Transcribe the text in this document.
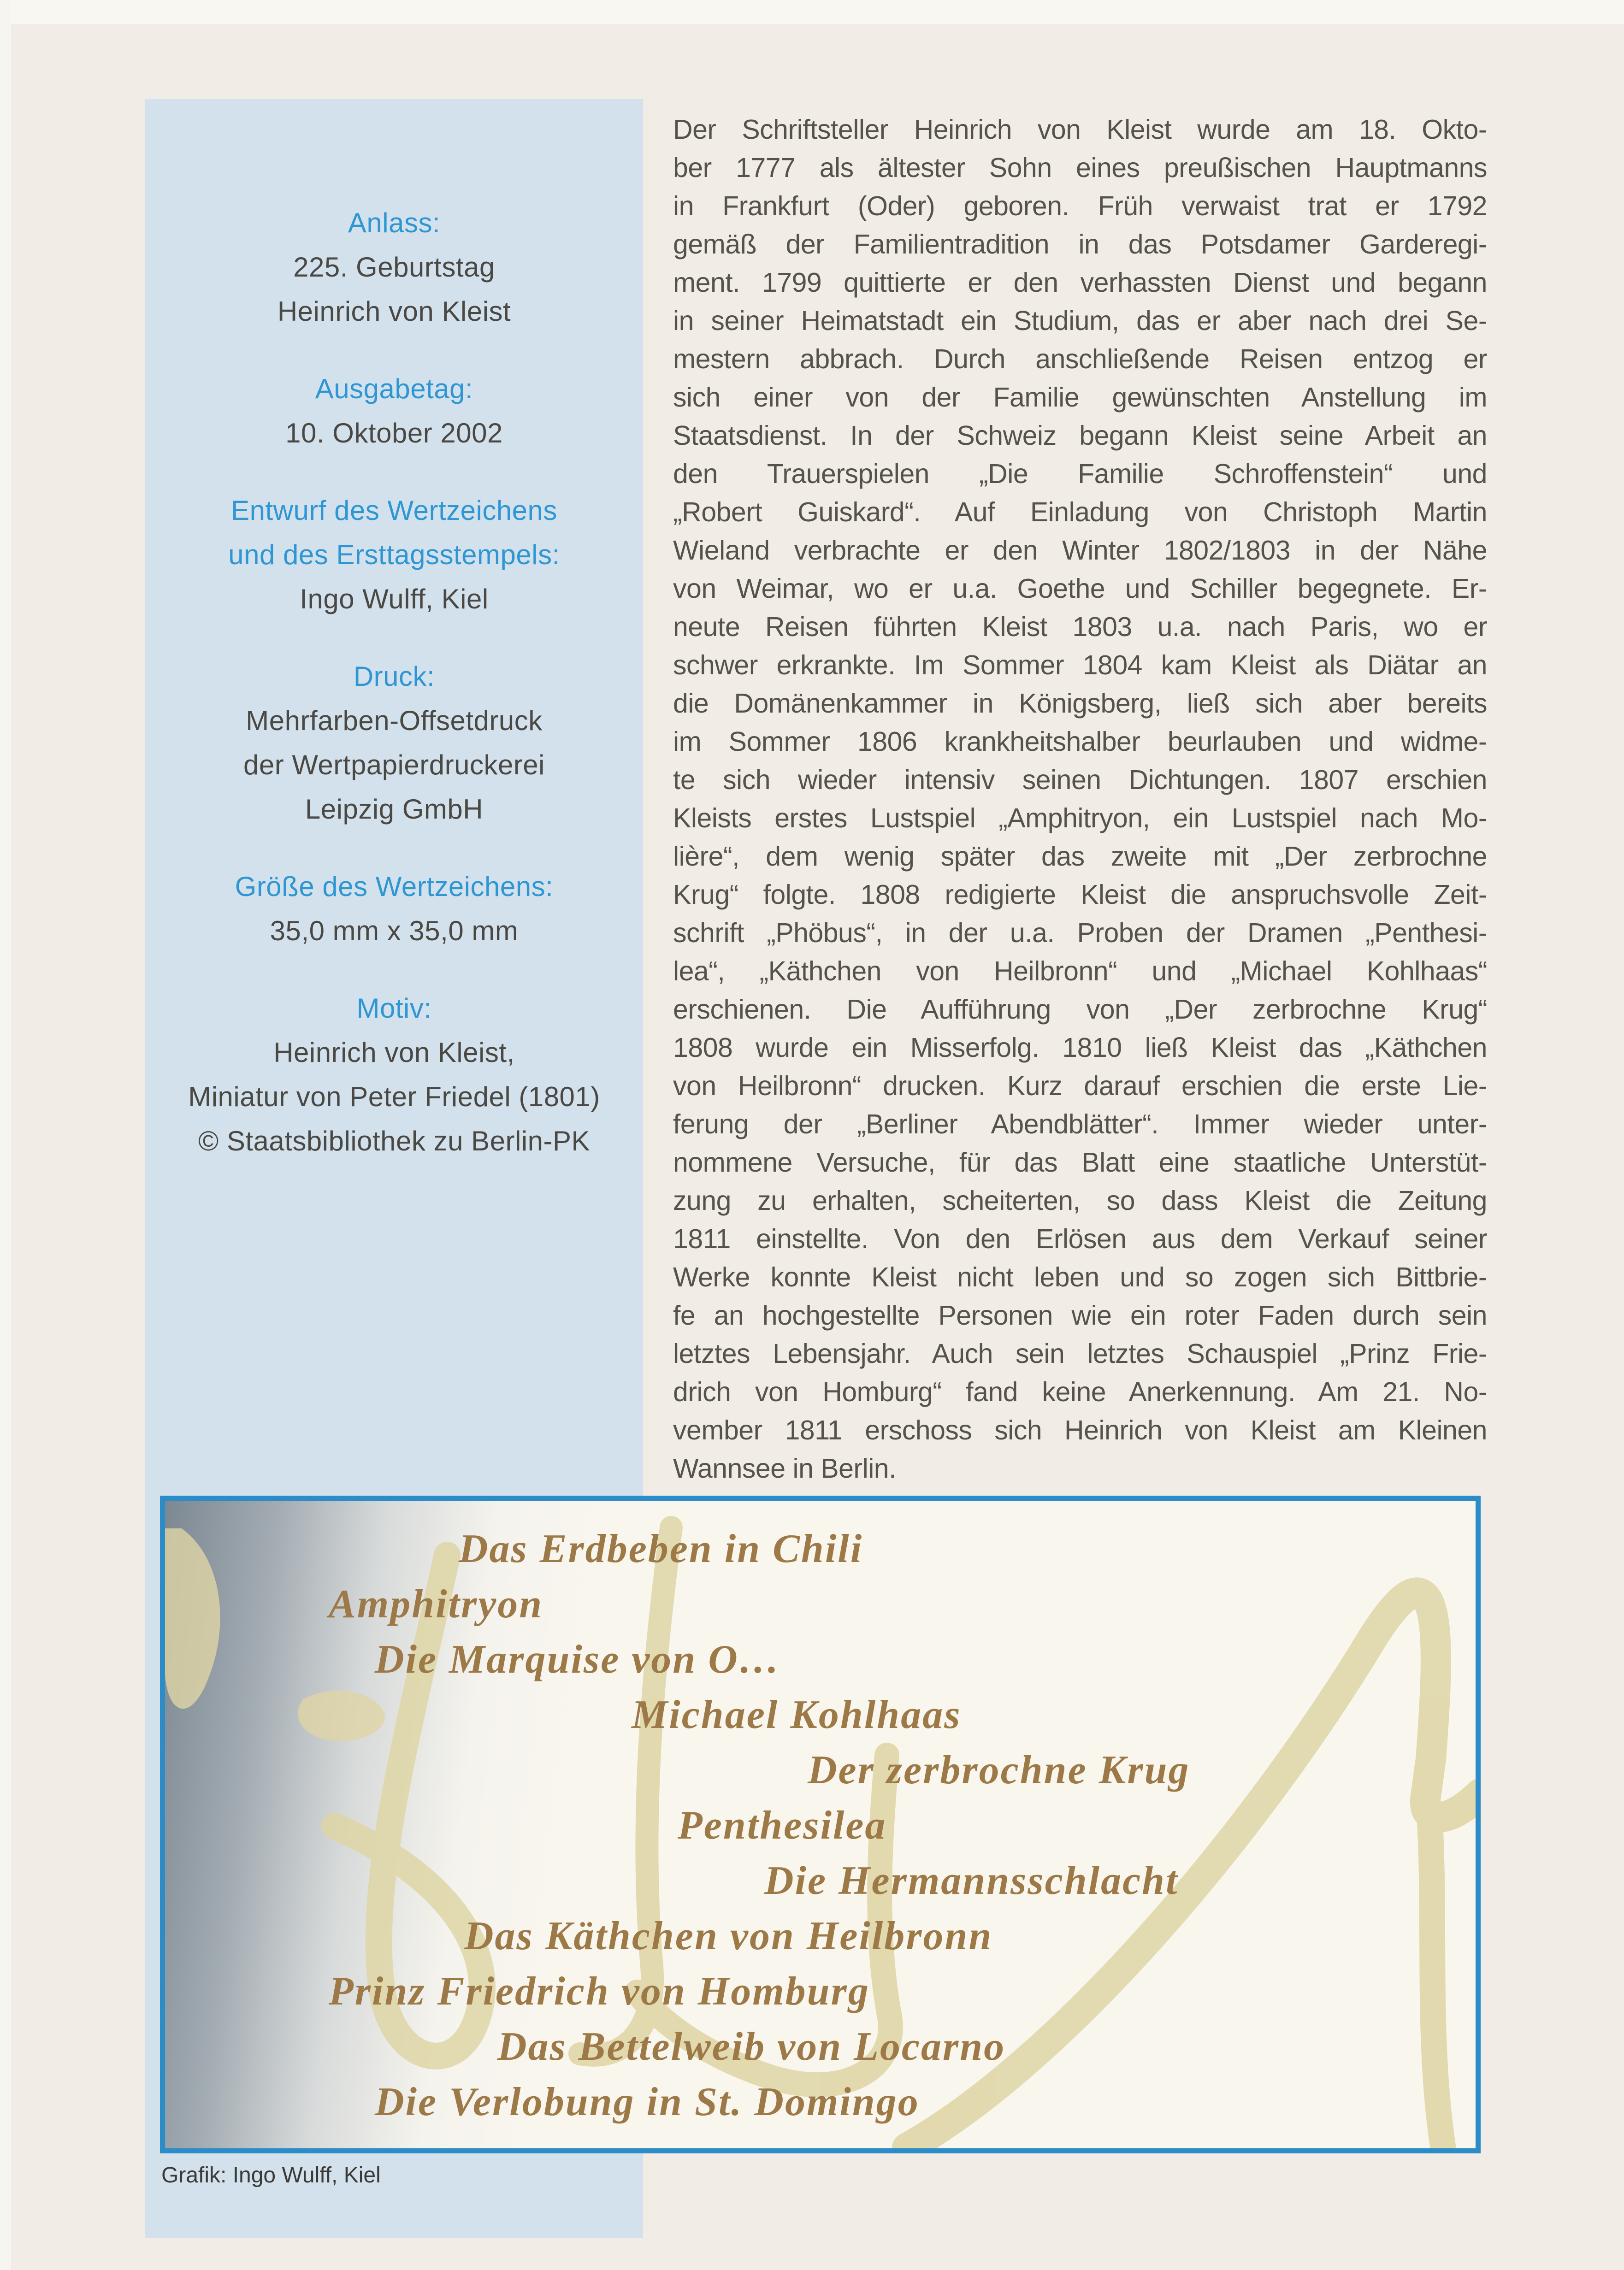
Anlass:
225. Geburtstag
Heinrich von Kleist
Ausgabetag:
10. Oktober 2002
Entwurf des Wertzeichens
und des Ersttagsstempels:
Ingo Wulff, Kiel
Druck:
Mehrfarben-Offsetdruck
der Wertpapierdruckerei
Leipzig GmbH
Größe des Wertzeichens:
35,0 mm x 35,0 mm
Motiv:
Heinrich von Kleist,
Miniatur von Peter Friedel (1801)
© Staatsbibliothek zu Berlin-PK
Der Schriftsteller Heinrich von Kleist wurde am 18. Okto-
ber 1777 als ältester Sohn eines preußischen Hauptmanns
in Frankfurt (Oder) geboren. Früh verwaist trat er 1792
gemäß der Familientradition in das Potsdamer Garderegi-
ment. 1799 quittierte er den verhassten Dienst und begann
in seiner Heimatstadt ein Studium, das er aber nach drei Se-
mestern abbrach. Durch anschließende Reisen entzog er
sich einer von der Familie gewünschten Anstellung im
Staatsdienst. In der Schweiz begann Kleist seine Arbeit an
den Trauerspielen „Die Familie Schroffenstein“ und
„Robert Guiskard“. Auf Einladung von Christoph Martin
Wieland verbrachte er den Winter 1802/1803 in der Nähe
von Weimar, wo er u.a. Goethe und Schiller begegnete. Er-
neute Reisen führten Kleist 1803 u.a. nach Paris, wo er
schwer erkrankte. Im Sommer 1804 kam Kleist als Diätar an
die Domänenkammer in Königsberg, ließ sich aber bereits
im Sommer 1806 krankheitshalber beurlauben und widme-
te sich wieder intensiv seinen Dichtungen. 1807 erschien
Kleists erstes Lustspiel „Amphitryon, ein Lustspiel nach Mo-
lière“, dem wenig später das zweite mit „Der zerbrochne
Krug“ folgte. 1808 redigierte Kleist die anspruchsvolle Zeit-
schrift „Phöbus“, in der u.a. Proben der Dramen „Penthesi-
lea“, „Käthchen von Heilbronn“ und „Michael Kohlhaas“
erschienen. Die Aufführung von „Der zerbrochne Krug“
1808 wurde ein Misserfolg. 1810 ließ Kleist das „Käthchen
von Heilbronn“ drucken. Kurz darauf erschien die erste Lie-
ferung der „Berliner Abendblätter“. Immer wieder unter-
nommene Versuche, für das Blatt eine staatliche Unterstüt-
zung zu erhalten, scheiterten, so dass Kleist die Zeitung
1811 einstellte. Von den Erlösen aus dem Verkauf seiner
Werke konnte Kleist nicht leben und so zogen sich Bittbrie-
fe an hochgestellte Personen wie ein roter Faden durch sein
letztes Lebensjahr. Auch sein letztes Schauspiel „Prinz Frie-
drich von Homburg“ fand keine Anerkennung. Am 21. No-
vember 1811 erschoss sich Heinrich von Kleist am Kleinen
Wannsee in Berlin.
Das Erdbeben in Chili
Amphitryon
Die Marquise von O…
Michael Kohlhaas
Der zerbrochne Krug
Penthesilea
Die Hermannsschlacht
Das Käthchen von Heilbronn
Prinz Friedrich von Homburg
Das Bettelweib von Locarno
Die Verlobung in St. Domingo
Grafik: Ingo Wulff, Kiel
